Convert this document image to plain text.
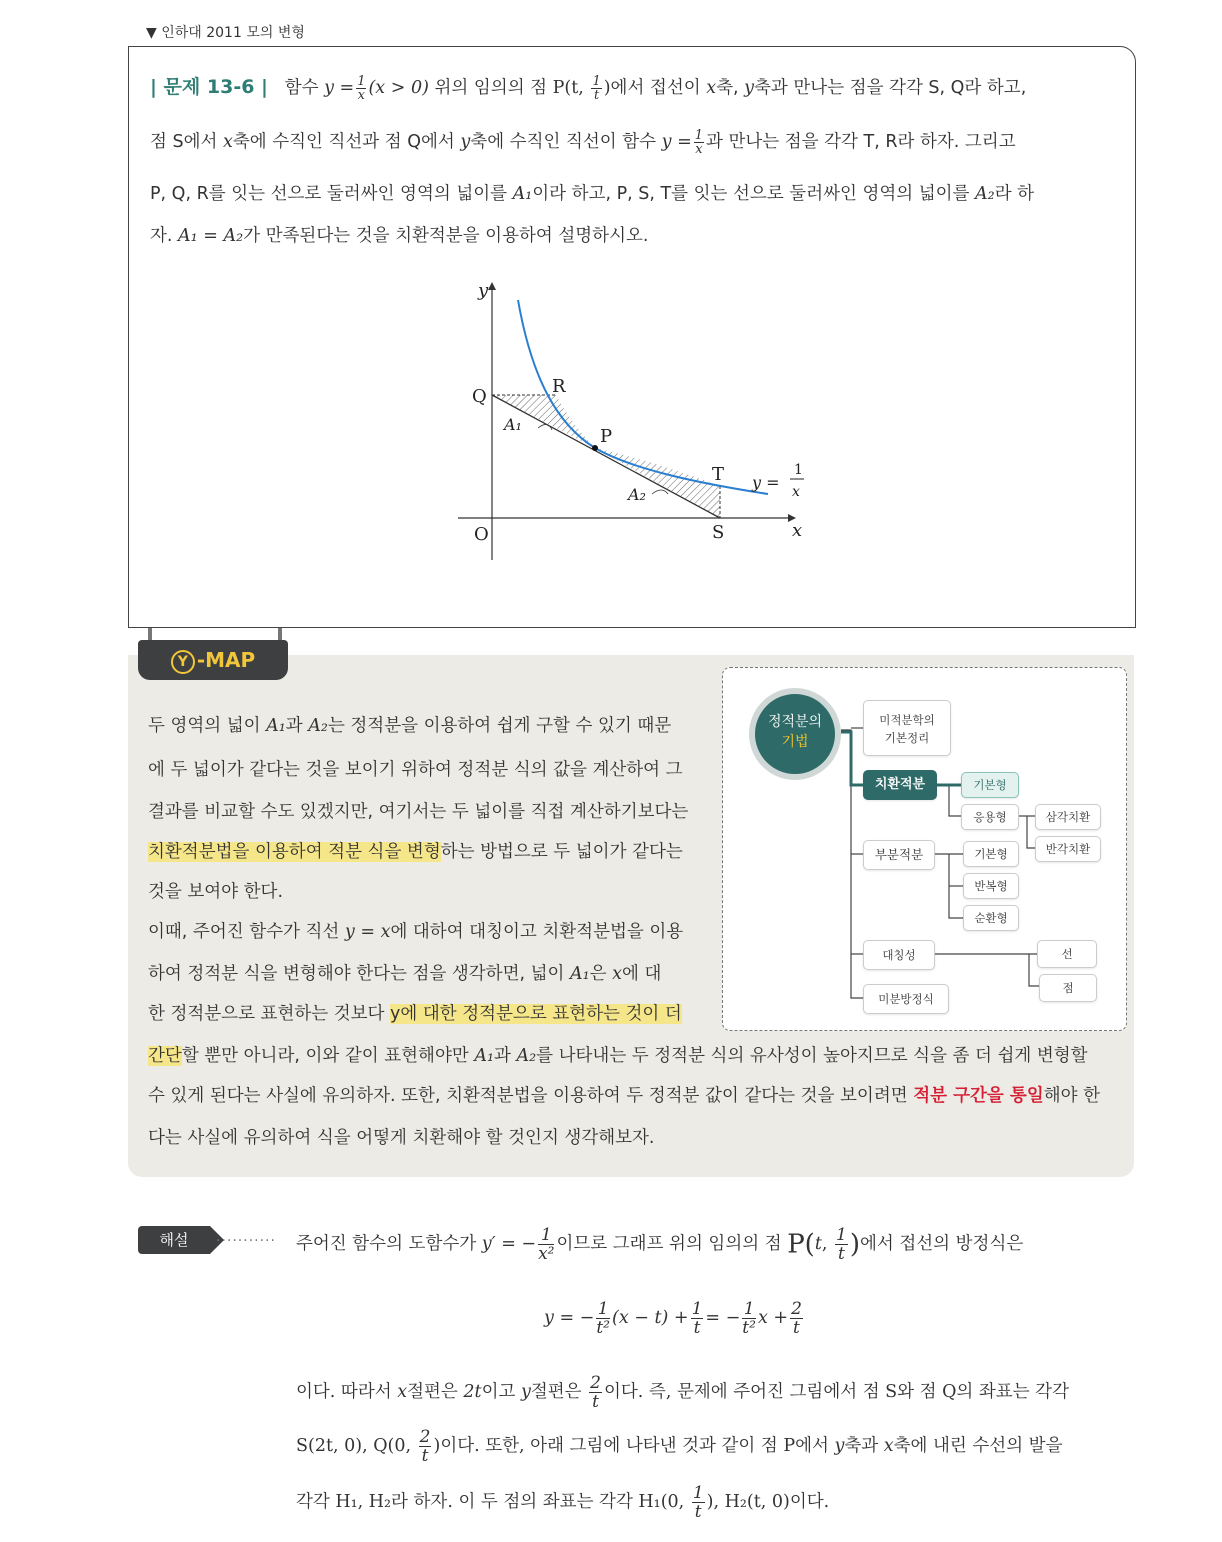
▼ 인하대 2011 모의 변형
| 문제 13-6 | 함수 $y = \frac{1}{x} (x > 0)$ 위의 임의의 점 P(t, $\frac{1}{t}$ )에서 접선이 x축, y축과 만나는 점을 각각 S, Q라 하고,
점 S에서 x축에 수직인 직선과 점 Q에서 y축에 수직인 직선이 함수 $y = \frac{1}{x}$ 과 만나는 점을 각각 T, R라 하자. 그리고
P, Q, R를 잇는 선으로 둘러싸인 영역의 넓이를 A₁이라 하고, P, S, T를 잇는 선으로 둘러싸인 영역의 넓이를 A₂라 하
자. A₁ = A₂가 만족된다는 것을 치환적분을 이용하여 설명하시오.
y
x
O
Q	R
P
T
S
A₁
A₂
y =
1
x
Y -MAP
두 영역의 넓이 A₁과 A₂는 정적분을 이용하여 쉽게 구할 수 있기 때문
에 두 넓이가 같다는 것을 보이기 위하여 정적분 식의 값을 계산하여 그
결과를 비교할 수도 있겠지만, 여기서는 두 넓이를 직접 계산하기보다는
치환적분법을 이용하여 적분 식을 변형하는 방법으로 두 넓이가 같다는
것을 보여야 한다.
이때, 주어진 함수가 직선 y = x에 대하여 대칭이고 치환적분법을 이용
하여 정적분 식을 변형해야 한다는 점을 생각하면, 넓이 A₁은 x에 대
한 정적분으로 표현하는 것보다 y에 대한 정적분으로 표현하는 것이 더
간단할 뿐만 아니라, 이와 같이 표현해야만 A₁과 A₂를 나타내는 두 정적분 식의 유사성이 높아지므로 식을 좀 더 쉽게 변형할
수 있게 된다는 사실에 유의하자. 또한, 치환적분법을 이용하여 두 정적분 값이 같다는 것을 보이려면 적분 구간을 통일해야 한
다는 사실에 유의하여 식을 어떻게 치환해야 할 것인지 생각해보자.
정적분의
기법
미적분학의
기본정리
치환적분	기본형
응용형	삼각치환
반각치환
부분적분	기본형
반복형
순환형
대칭성	선
점
미분방정식
해설	........... 주어진 함수의 도함수가 y′ = − $\frac{1}{\text{x²}}$ 이므로 그래프 위의 임의의 점 P(t, $\frac{1}{t}$ )에서 접선의 방정식은
y = − $\frac{1}{\text{t²}} (x - t) + \frac{1}{t}$ = − $\frac{1}{\text{t²}}$ $x + \frac{2}{t}$
이다. 따라서 x절편은 2t이고 y절편은 $\frac{2}{t}$ 이다. 즉, 문제에 주어진 그림에서 점 S와 점 Q의 좌표는 각각
S(2t, 0), Q(0, $\frac{2}{t}$ )이다. 또한, 아래 그림에 나타낸 것과 같이 점 P에서 y축과 x축에 내린 수선의 발을
각각 H₁, H₂라 하자. 이 두 점의 좌표는 각각 H₁(0, $\frac{1}{t}$ ), H₂(t, 0)이다.
